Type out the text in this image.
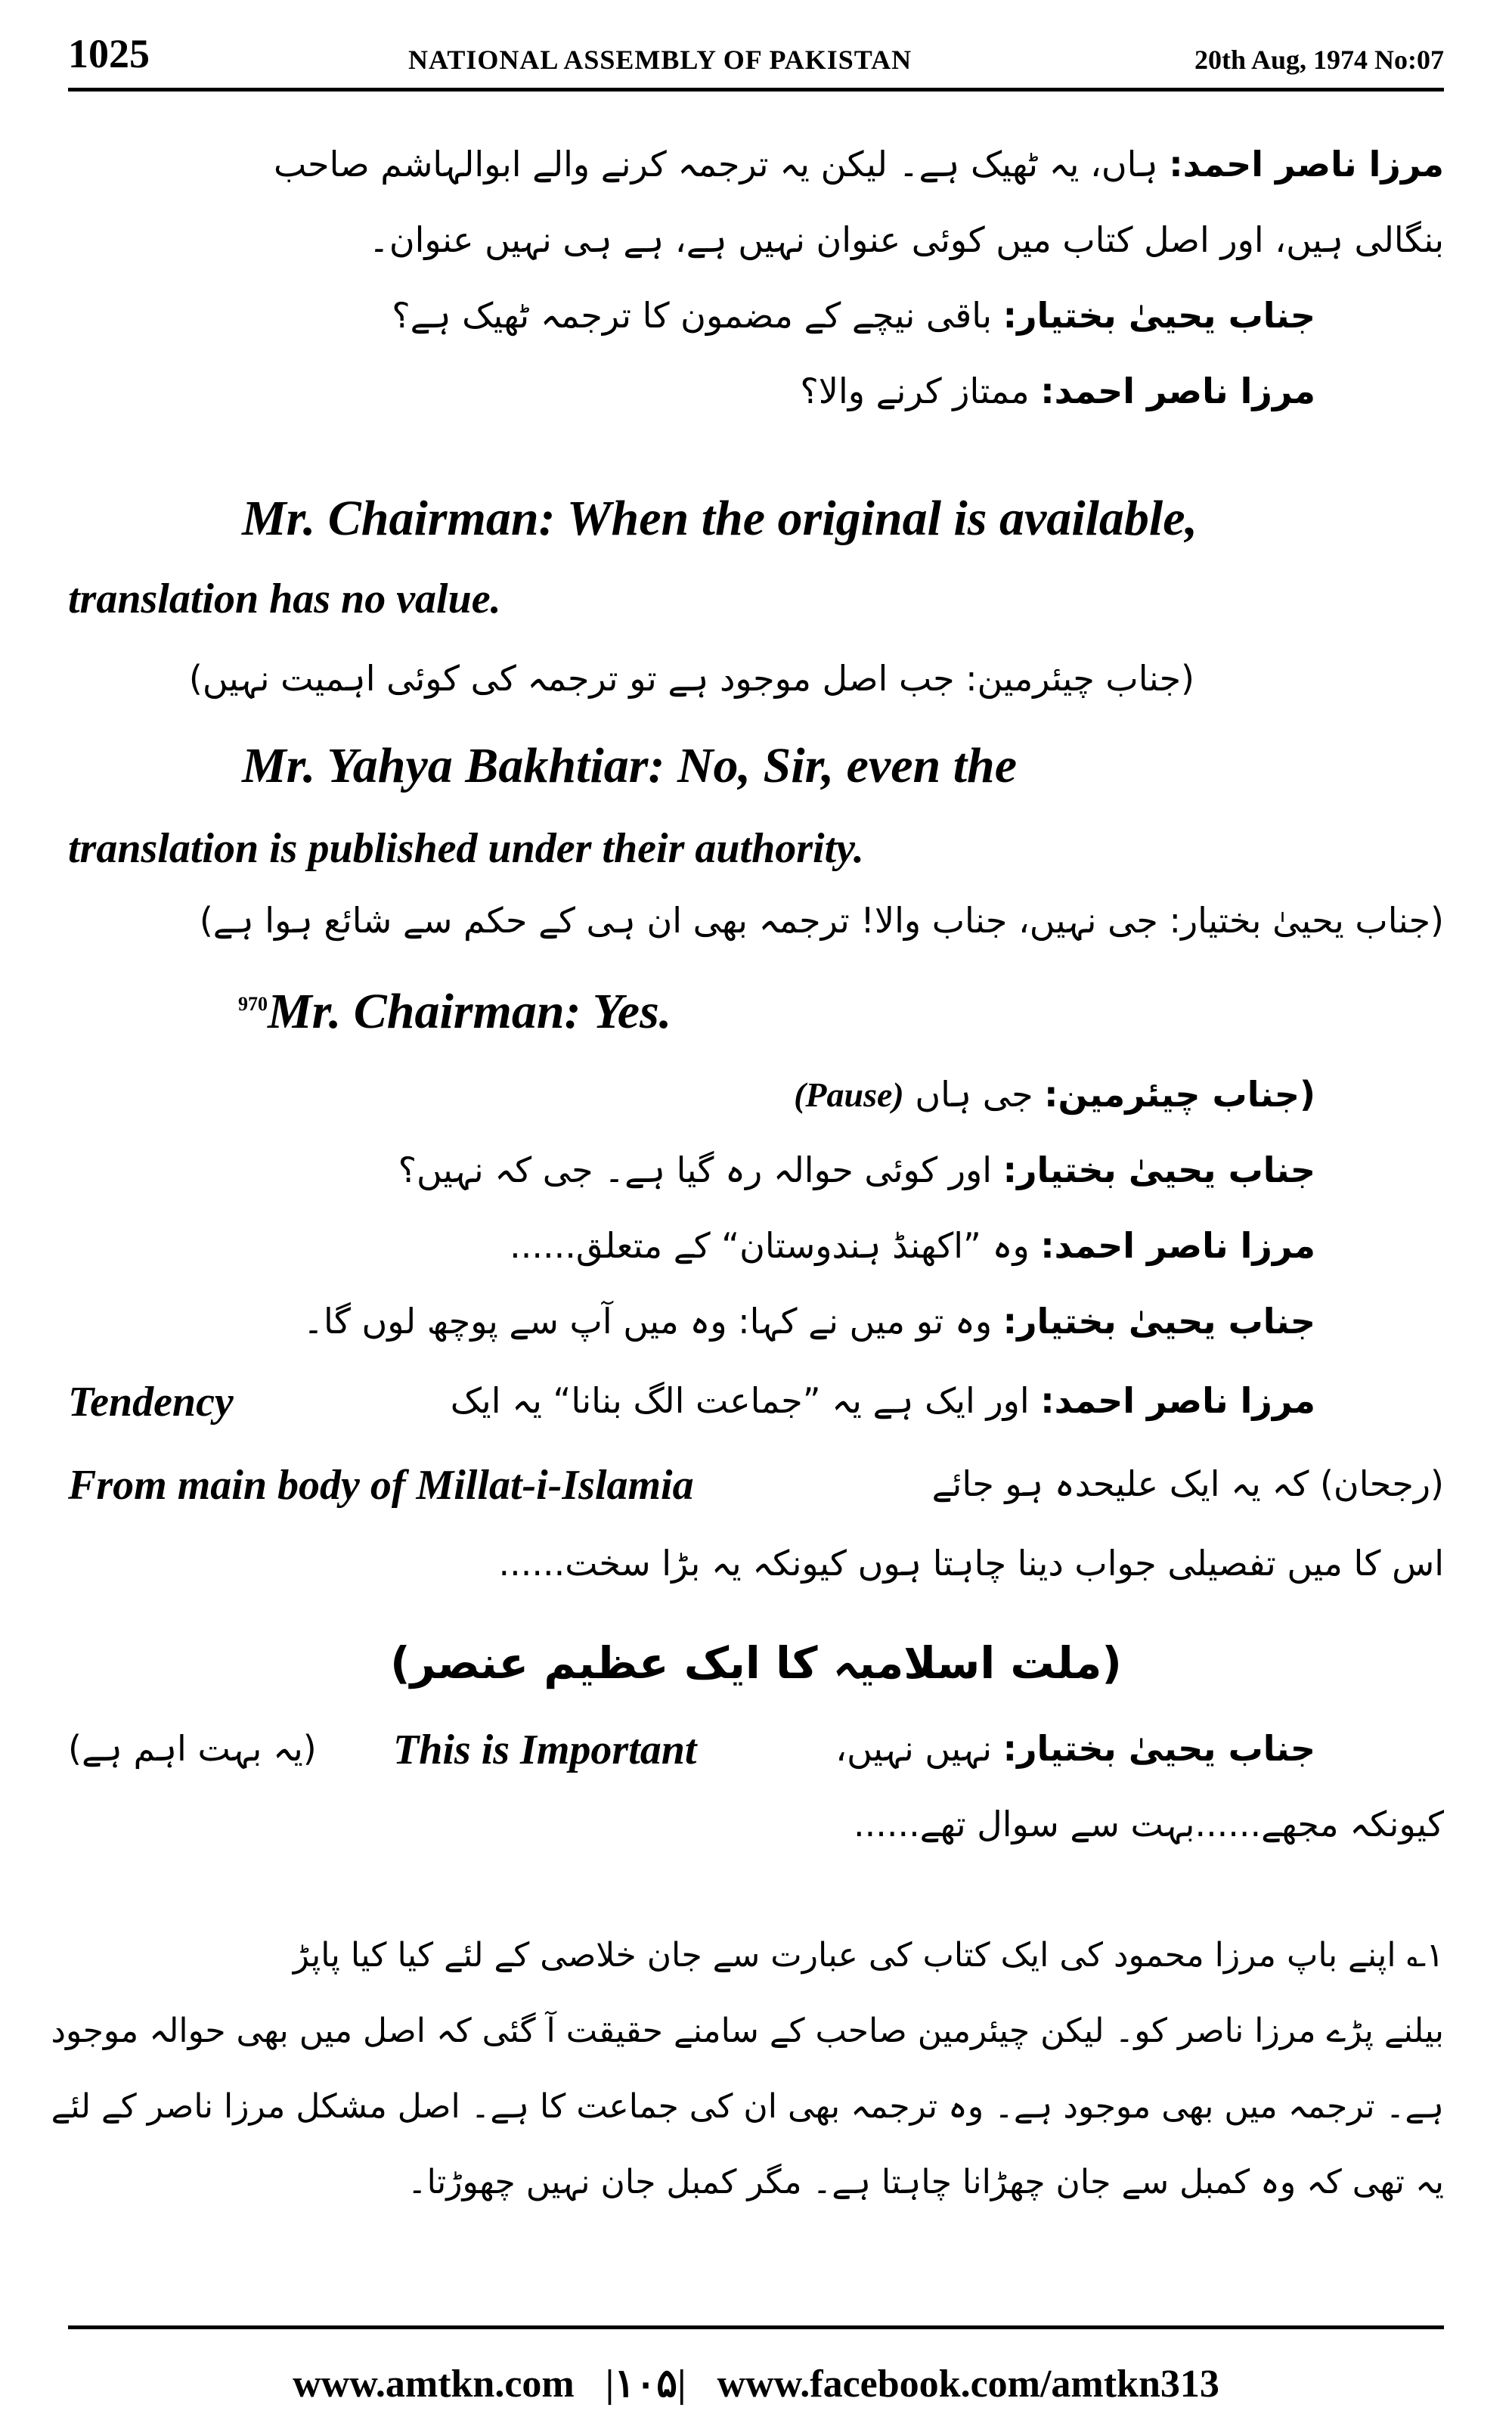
1025	NATIONAL ASSEMBLY OF PAKISTAN	20th Aug, 1974 No:07
مرزا ناصر احمد: ہاں، یہ ٹھیک ہے۔ لیکن یہ ترجمہ کرنے والے ابوالہاشم صاحب
بنگالی ہیں، اور اصل کتاب میں کوئی عنوان نہیں ہے، ہے ہی نہیں عنوان۔
جناب یحییٰ بختیار: باقی نیچے کے مضمون کا ترجمہ ٹھیک ہے؟
مرزا ناصر احمد: ممتاز کرنے والا؟
Mr. Chairman: When the original is available,
translation has no value.
(جناب چیئرمین: جب اصل موجود ہے تو ترجمہ کی کوئی اہمیت نہیں)
Mr. Yahya Bakhtiar: No, Sir, even the
translation is published under their authority.
(جناب یحییٰ بختیار: جی نہیں، جناب والا! ترجمہ بھی ان ہی کے حکم سے شائع ہوا ہے)
$^{970}$Mr. Chairman: Yes.
(جناب چیئرمین: جی ہاں (Pause)
جناب یحییٰ بختیار: اور کوئی حوالہ رہ گیا ہے۔ جی کہ نہیں؟
مرزا ناصر احمد: وہ ”اکھنڈ ہندوستان“ کے متعلق......
جناب یحییٰ بختیار: وہ تو میں نے کہا: وہ میں آپ سے پوچھ لوں گا۔
مرزا ناصر احمد: اور ایک ہے یہ ”جماعت الگ بنانا“ یہ ایک
Tendency
(رجحان) کہ یہ ایک علیحدہ ہو جائے
From main body of Millat-i-Islamia
اس کا میں تفصیلی جواب دینا چاہتا ہوں کیونکہ یہ بڑا سخت......
(ملت اسلامیہ کا ایک عظیم عنصر)
جناب یحییٰ بختیار: نہیں نہیں،
This is Important
(یہ بہت اہم ہے)
کیونکہ مجھے......بہت سے سوال تھے......
۱؎ اپنے باپ مرزا محمود کی ایک کتاب کی عبارت سے جان خلاصی کے لئے کیا کیا پاپڑ
بیلنے پڑے مرزا ناصر کو۔ لیکن چیئرمین صاحب کے سامنے حقیقت آ گئی کہ اصل میں بھی حوالہ موجود
ہے۔ ترجمہ میں بھی موجود ہے۔ وہ ترجمہ بھی ان کی جماعت کا ہے۔ اصل مشکل مرزا ناصر کے لئے
یہ تھی کہ وہ کمبل سے جان چھڑانا چاہتا ہے۔ مگر کمبل جان نہیں چھوڑتا۔
www.amtkn.com |۱۰۵| www.facebook.com/amtkn313
